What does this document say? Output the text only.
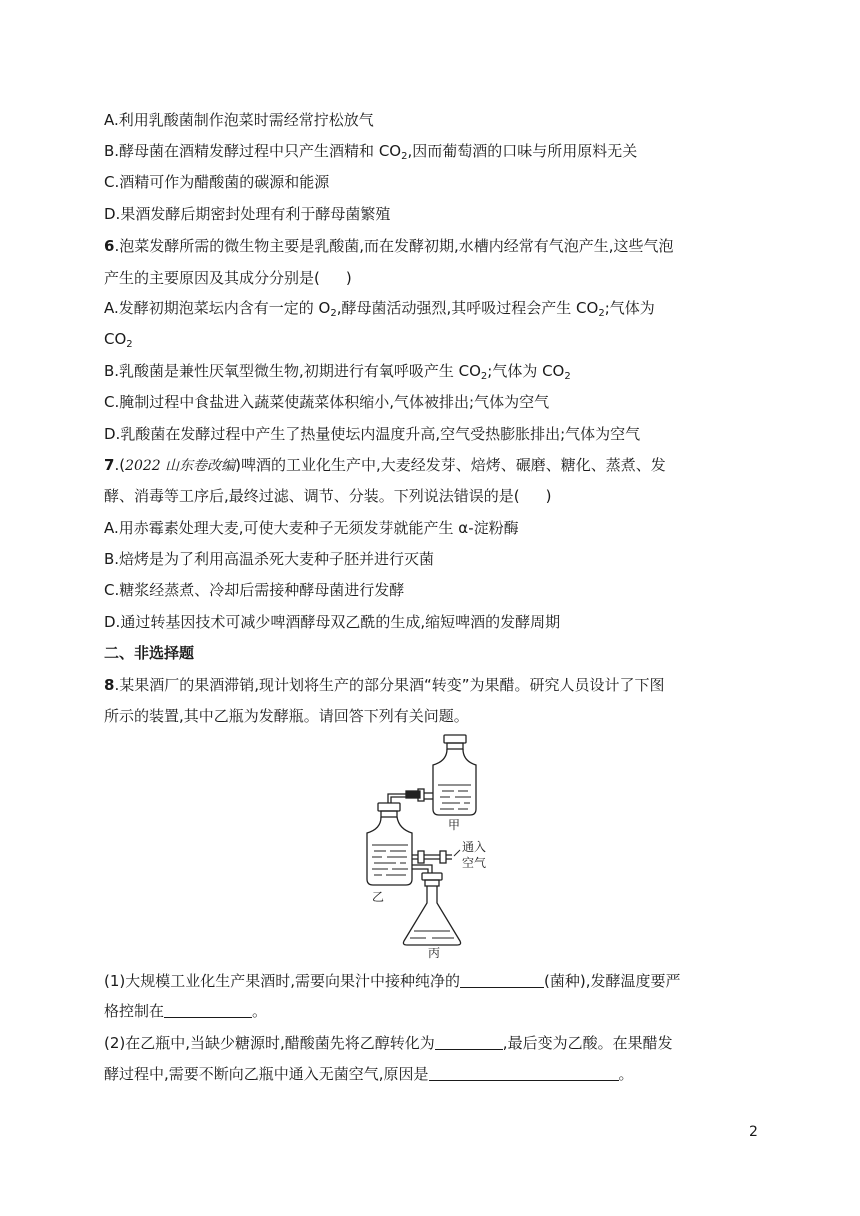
A.利用乳酸菌制作泡菜时需经常拧松放气
B.酵母菌在酒精发酵过程中只产生酒精和 $CO_2$,因而葡萄酒的口味与所用原料无关
C.酒精可作为醋酸菌的碳源和能源
D.果酒发酵后期密封处理有利于酵母菌繁殖
6.泡菜发酵所需的微生物主要是乳酸菌,而在发酵初期,水槽内经常有气泡产生,这些气泡
产生的主要原因及其成分分别是( )
A.发酵初期泡菜坛内含有一定的 $O_2$,酵母菌活动强烈,其呼吸过程会产生 $CO_2$;气体为
$CO_2$
B.乳酸菌是兼性厌氧型微生物,初期进行有氧呼吸产生 $CO_2$;气体为 $CO_2$
C.腌制过程中食盐进入蔬菜使蔬菜体积缩小,气体被排出;气体为空气
D.乳酸菌在发酵过程中产生了热量使坛内温度升高,空气受热膨胀排出;气体为空气
7.(2022 山东卷改编)啤酒的工业化生产中,大麦经发芽、焙烤、碾磨、糖化、蒸煮、发
酵、消毒等工序后,最终过滤、调节、分装。下列说法错误的是( )
A.用赤霉素处理大麦,可使大麦种子无须发芽就能产生 α-淀粉酶
B.焙烤是为了利用高温杀死大麦种子胚并进行灭菌
C.糖浆经蒸煮、冷却后需接种酵母菌进行发酵
D.通过转基因技术可减少啤酒酵母双乙酰的生成,缩短啤酒的发酵周期
二、非选择题
8.某果酒厂的果酒滞销,现计划将生产的部分果酒“转变”为果醋。研究人员设计了下图
所示的装置,其中乙瓶为发酵瓶。请回答下列有关问题。
甲
乙
丙
通入
空气
(1)大规模工业化生产果酒时,需要向果汁中接种纯净的	(菌种),发酵温度要严
格控制在	。
(2)在乙瓶中,当缺少糖源时,醋酸菌先将乙醇转化为	,最后变为乙酸。在果醋发
酵过程中,需要不断向乙瓶中通入无菌空气,原因是	。
2
